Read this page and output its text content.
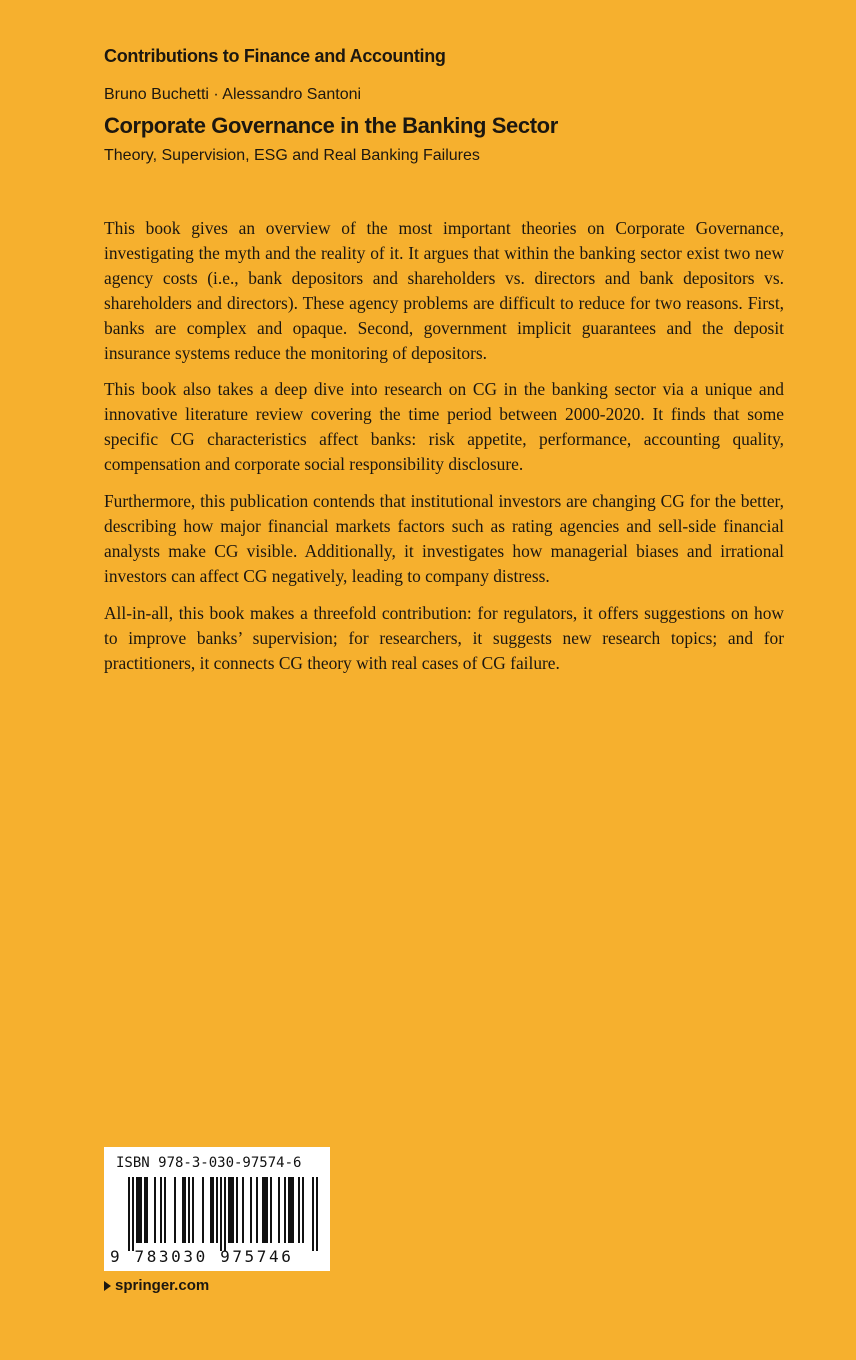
Contributions to Finance and Accounting
Bruno Buchetti · Alessandro Santoni
Corporate Governance in the Banking Sector
Theory, Supervision, ESG and Real Banking Failures

This book gives an overview of the most important theories on Corporate Governance, investigating the myth and the reality of it. It argues that within the banking sector exist two new agency costs (i.e., bank depositors and shareholders vs. directors and bank depositors vs. shareholders and directors). These agency problems are difficult to reduce for two reasons. First, banks are complex and opaque. Second, government implicit guarantees and the deposit insurance systems reduce the monitoring of depositors.

This book also takes a deep dive into research on CG in the banking sector via a unique and innovative literature review covering the time period between 2000-2020. It finds that some specific CG characteristics affect banks: risk appetite, performance, accounting quality, compensation and corporate social responsibility disclosure.

Furthermore, this publication contends that institutional investors are changing CG for the better, describing how major financial markets factors such as rating agencies and sell-side financial analysts make CG visible. Additionally, it investigates how managerial biases and irrational investors can affect CG negatively, leading to company distress.

All-in-all, this book makes a threefold contribution: for regulators, it offers suggestions on how to improve banks’ supervision; for researchers, it suggests new research topics; and for practitioners, it connects CG theory with real cases of CG failure.

ISBN 978-3-030-97574-6
9 783030 975746
springer.com
